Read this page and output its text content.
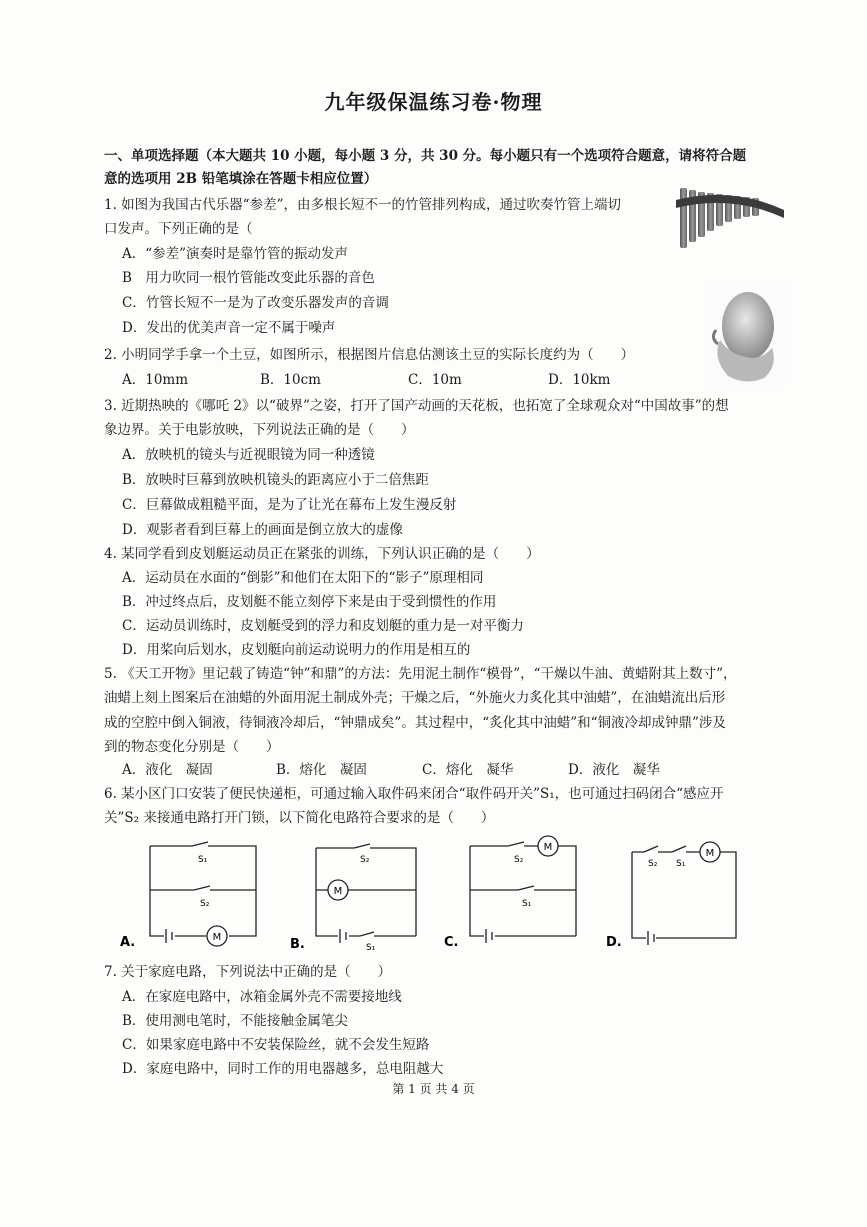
九年级保温练习卷·物理
一、单项选择题（本大题共 10 小题，每小题 3 分，共 30 分。每小题只有一个选项符合题意，请将符合题
意的选项用 2B 铅笔填涂在答题卡相应位置）
1. 如图为我国古代乐器“参差”，由多根长短不一的竹管排列构成，通过吹奏竹管上端切
口发声。下列正确的是（
A．“参差”演奏时是靠竹管的振动发声
B　用力吹同一根竹管能改变此乐器的音色
C．竹管长短不一是为了改变乐器发声的音调
D．发出的优美声音一定不属于噪声
2. 小明同学手拿一个土豆，如图所示，根据图片信息估测该土豆的实际长度约为（　　）
A．10mm	B．10cm	C．10m	D．10km
3. 近期热映的《哪吒 2》以“破界”之姿，打开了国产动画的天花板，也拓宽了全球观众对“中国故事”的想
象边界。关于电影放映，下列说法正确的是（　　）
A．放映机的镜头与近视眼镜为同一种透镜
B．放映时巨幕到放映机镜头的距离应小于二倍焦距
C．巨幕做成粗糙平面，是为了让光在幕布上发生漫反射
D．观影者看到巨幕上的画面是倒立放大的虚像
4. 某同学看到皮划艇运动员正在紧张的训练，下列认识正确的是（　　）
A．运动员在水面的“倒影”和他们在太阳下的“影子”原理相同
B．冲过终点后，皮划艇不能立刻停下来是由于受到惯性的作用
C．运动员训练时，皮划艇受到的浮力和皮划艇的重力是一对平衡力
D．用桨向后划水，皮划艇向前运动说明力的作用是相互的
5. 《天工开物》里记载了铸造“钟”和鼎”的方法：先用泥土制作“模骨”，“干燥以牛油、黄蜡附其上数寸”，
油蜡上刻上图案后在油蜡的外面用泥土制成外壳；干燥之后，“外施火力炙化其中油蜡”，在油蜡流出后形
成的空腔中倒入铜液，待铜液冷却后，“钟鼎成矣”。其过程中，“炙化其中油蜡”和“铜液冷却成钟鼎”涉及
到的物态变化分别是（　　）
A．液化　凝固	B．熔化　凝固	C．熔化　凝华	D．液化　凝华
6. 某小区门口安装了便民快递柜，可通过输入取件码来闭合“取件码开关”S₁，也可通过扫码闭合“感应开
关”S₂ 来接通电路打开门锁，以下简化电路符合要求的是（　　）
M
S₁
S₂
A.
M
S₂
S₁
B.
M
S₂
S₁
C.
M
S₂ S₁
D.
7. 关于家庭电路，下列说法中正确的是（　　）
A．在家庭电路中，冰箱金属外壳不需要接地线
B．使用测电笔时，不能接触金属笔尖
C．如果家庭电路中不安装保险丝，就不会发生短路
D．家庭电路中，同时工作的用电器越多，总电阻越大
第 1 页 共 4 页
